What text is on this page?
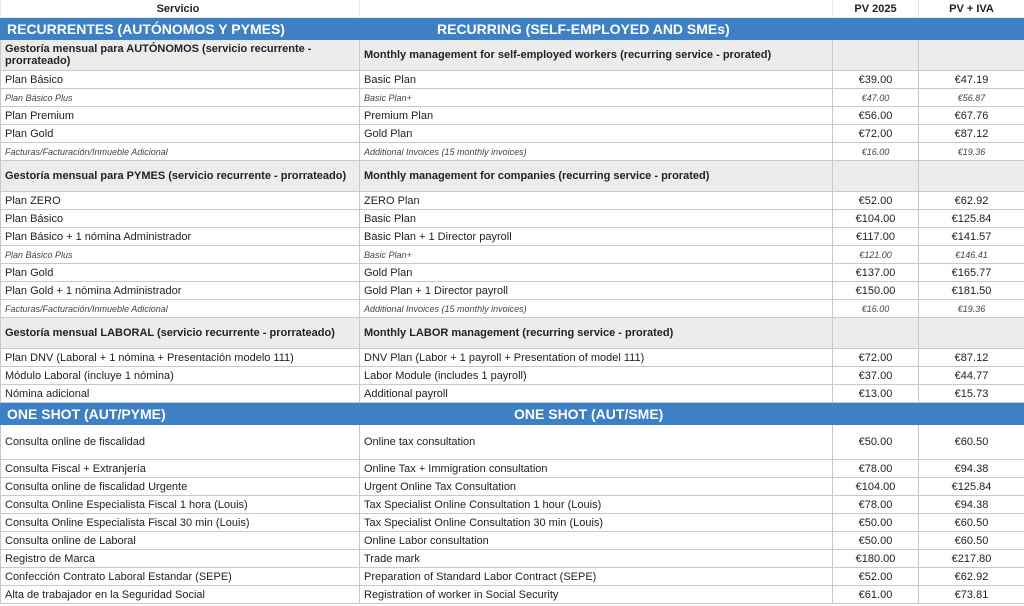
Servicio		PV 2025	PV + IVA
RECURRENTES (AUTÓNOMOS Y PYMES)	RECURRING (SELF-EMPLOYED AND SMEs)		
Gestoría mensual para AUTÓNOMOS (servicio recurrente - prorrateado)	Monthly management for self-employed workers (recurring service - prorated)		
Plan Básico	Basic Plan	€39.00	€47.19
Plan Básico Plus	Basic Plan+	€47.00	€56.87
Plan Premium	Premium Plan	€56.00	€67.76
Plan Gold	Gold Plan	€72.00	€87.12
Facturas/Facturación/Inmueble Adicional	Additional Invoices (15 monthly invoices)	€16.00	€19.36
Gestoría mensual para PYMES (servicio recurrente - prorrateado)	Monthly management for companies (recurring service - prorated)		
Plan ZERO	ZERO Plan	€52.00	€62.92
Plan Básico	Basic Plan	€104.00	€125.84
Plan Básico + 1 nómina Administrador	Basic Plan + 1 Director payroll	€117.00	€141.57
Plan Básico Plus	Basic Plan+	€121.00	€146.41
Plan Gold	Gold Plan	€137.00	€165.77
Plan Gold + 1 nómina Administrador	Gold Plan + 1 Director payroll	€150.00	€181.50
Facturas/Facturación/Inmueble Adicional	Additional Invoices (15 monthly invoices)	€16.00	€19.36
Gestoría mensual LABORAL (servicio recurrente - prorrateado)	Monthly LABOR management (recurring service - prorated)		
Plan DNV (Laboral + 1 nómina + Presentación modelo 111)	DNV Plan (Labor + 1 payroll + Presentation of model 111)	€72.00	€87.12
Módulo Laboral (incluye 1 nómina)	Labor Module (includes 1 payroll)	€37.00	€44.77
Nómina adicional	Additional payroll	€13.00	€15.73
ONE SHOT (AUT/PYME)	ONE SHOT (AUT/SME)		
Consulta online de fiscalidad	Online tax consultation	€50.00	€60.50
Consulta Fiscal + Extranjería	Online Tax + Immigration consultation	€78.00	€94.38
Consulta online de fiscalidad Urgente	Urgent Online Tax Consultation	€104.00	€125.84
Consulta Online Especialista Fiscal 1 hora (Louis)	Tax Specialist Online Consultation 1 hour (Louis)	€78.00	€94.38
Consulta Online Especialista Fiscal 30 min (Louis)	Tax Specialist Online Consultation 30 min (Louis)	€50.00	€60.50
Consulta online de Laboral	Online Labor consultation	€50.00	€60.50
Registro de Marca	Trade mark	€180.00	€217.80
Confección Contrato Laboral Estandar (SEPE)	Preparation of Standard Labor Contract (SEPE)	€52.00	€62.92
Alta de trabajador en la Seguridad Social	Registration of worker in Social Security	€61.00	€73.81
